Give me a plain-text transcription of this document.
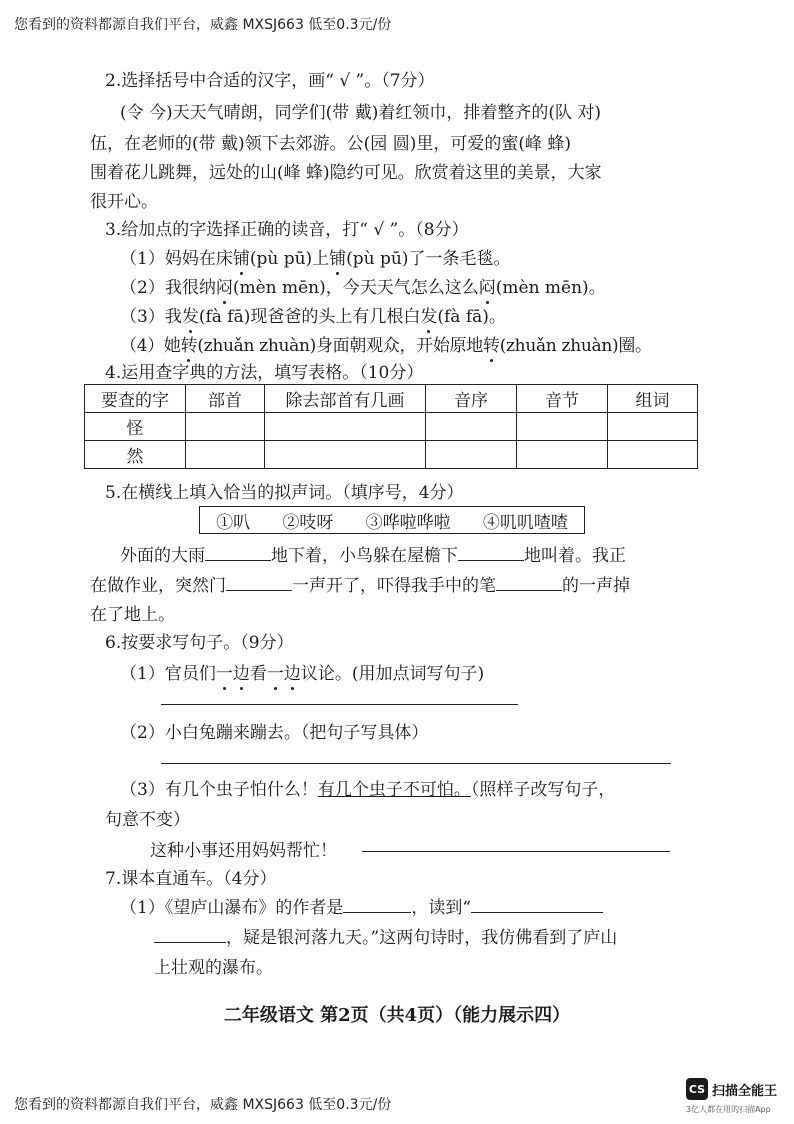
您看到的资料都源自我们平台，威鑫 MXSJ663 低至0.3元/份
2.选择括号中合适的汉字，画“ √ ”。（7分）
(令 今)天天气晴朗，同学们(带 戴)着红领巾，排着整齐的(队 对)
伍，在老师的(带 戴)领下去郊游。公(园 圆)里，可爱的蜜(峰 蜂)
围着花儿跳舞，远处的山(峰 蜂)隐约可见。欣赏着这里的美景，大家
很开心。
3.给加点的字选择正确的读音，打“ √ ”。（8分）
（1）妈妈在床铺(pù pū)上铺(pù pū)了一条毛毯。
（2）我很纳闷(mèn mēn)，今天天气怎么这么闷(mèn mēn)。
（3）我发(fà fā)现爸爸的头上有几根白发(fà fā)。
（4）她转(zhuǎn zhuàn)身面朝观众，开始原地转(zhuǎn zhuàn)圈。
4.运用查字典的方法，填写表格。（10分）
要查的字	部首	除去部首有几画	音序	音节	组词
怪					
然					
5.在横线上填入恰当的拟声词。（填序号，4分）
①叭 ②吱呀 ③哗啦哗啦 ④叽叽喳喳
外面的大雨	地下着，小鸟躲在屋檐下	地叫着。我正
在做作业，突然门	一声开了，吓得我手中的笔	的一声掉
在了地上。
6.按要求写句子。（9分）
（1）官员们一边看一边议论。(用加点词写句子)
（2）小白兔蹦来蹦去。（把句子写具体）
（3）有几个虫子怕什么！有几个虫子不可怕。（照样子改写句子，
句意不变）
这种小事还用妈妈帮忙！
7.课本直通车。（4分）
（1）《望庐山瀑布》的作者是	，读到“
，疑是银河落九天。”这两句诗时，我仿佛看到了庐山
上壮观的瀑布。
二年级语文 第2页（共4页）（能力展示四）
您看到的资料都源自我们平台，威鑫 MXSJ663 低至0.3元/份
CS 扫描全能王
3亿人都在用的扫描App
